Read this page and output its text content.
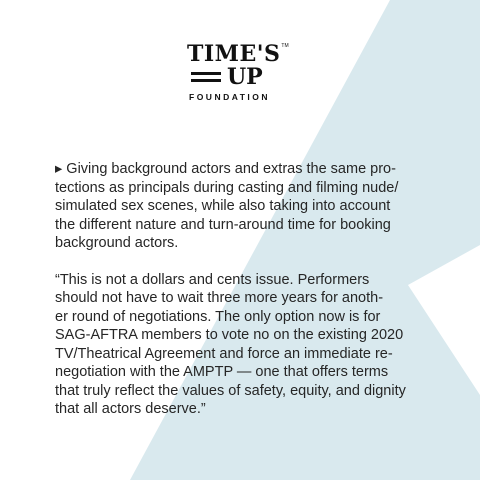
TIME'S TM
UP
FOUNDATION

▸ Giving background actors and extras the same pro-
tections as principals during casting and filming nude/
simulated sex scenes, while also taking into account
the different nature and turn-around time for booking
background actors.

“This is not a dollars and cents issue. Performers
should not have to wait three more years for anoth-
er round of negotiations. The only option now is for
SAG-AFTRA members to vote no on the existing 2020
TV/Theatrical Agreement and force an immediate re-
negotiation with the AMPTP — one that offers terms
that truly reflect the values of safety, equity, and dignity
that all actors deserve.”
